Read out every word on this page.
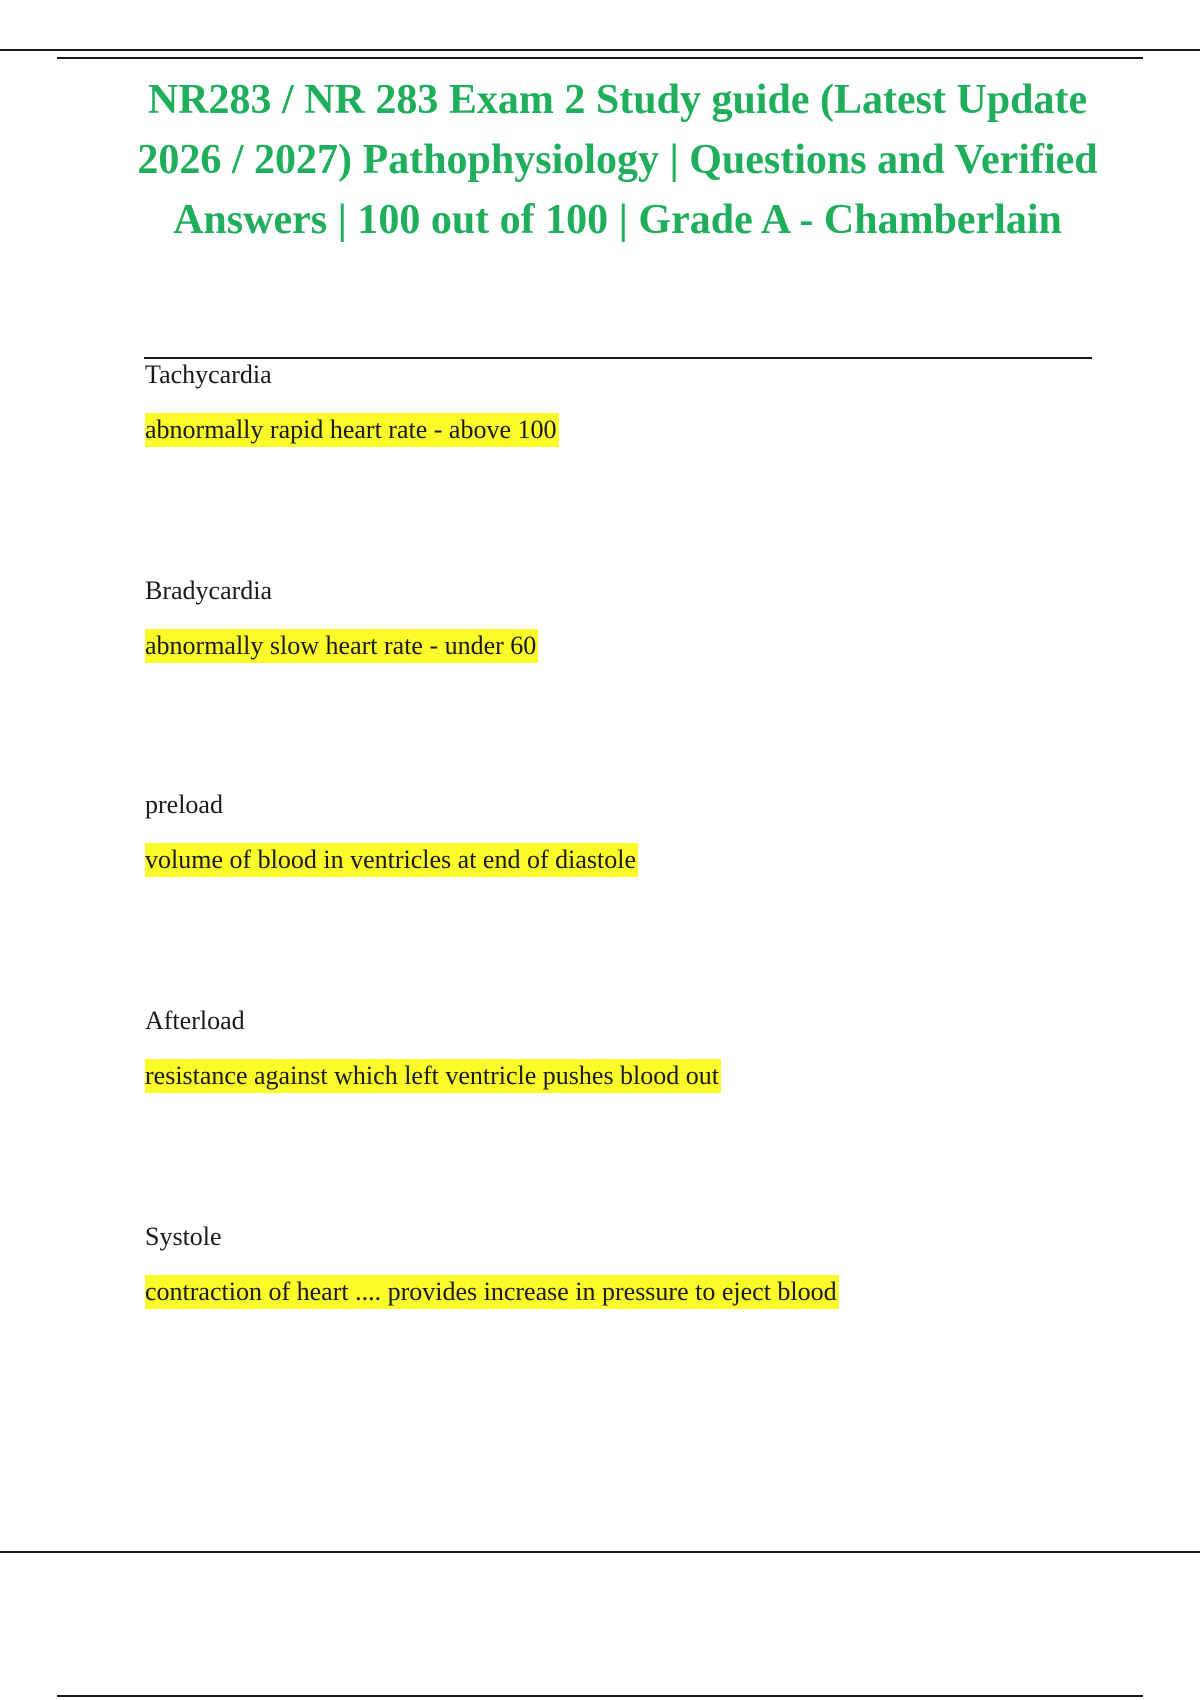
NR283 / NR 283 Exam 2 Study guide (Latest Update 2026 / 2027) Pathophysiology | Questions and Verified Answers | 100 out of 100 | Grade A - Chamberlain
Tachycardia
abnormally rapid heart rate - above 100
Bradycardia
abnormally slow heart rate - under 60
preload
volume of blood in ventricles at end of diastole
Afterload
resistance against which left ventricle pushes blood out
Systole
contraction of heart .... provides increase in pressure to eject blood
